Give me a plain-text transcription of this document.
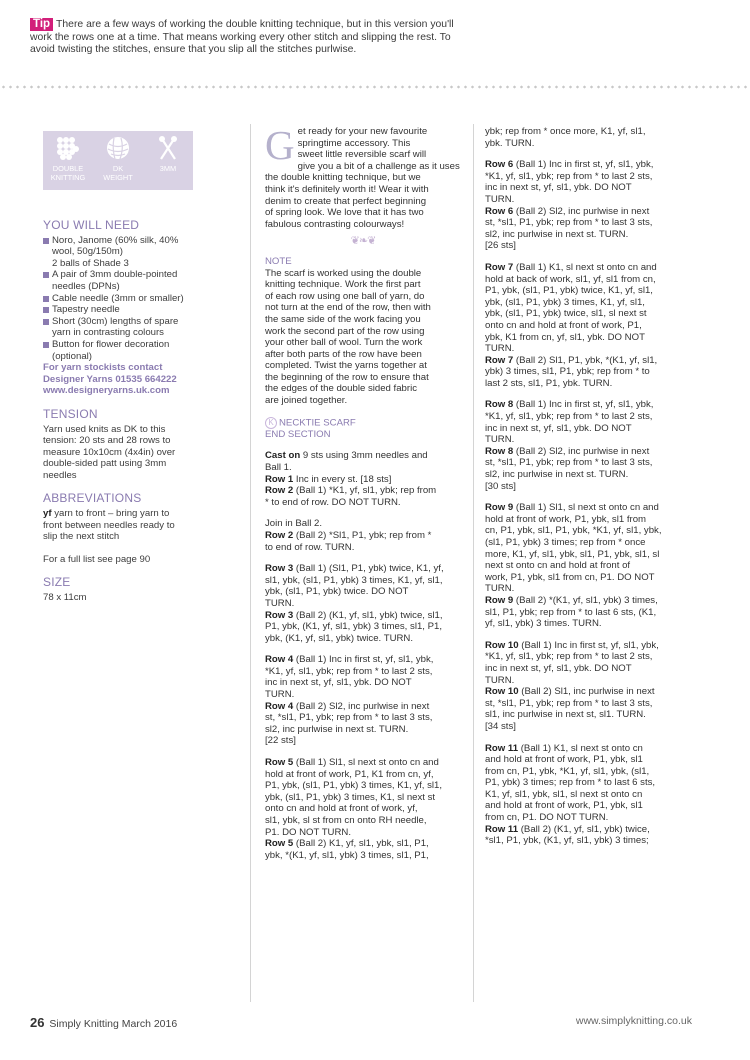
Tip There are a few ways of working the double knitting technique, but in this version you'll work the rows one at a time. That means working every other stitch and slipping the rest. To avoid twisting the stitches, ensure that you slip all the stitches purlwise.
DOUBLE
KNITTING
DK
WEIGHT
3MM
YOU WILL NEED
Noro, Janome (60% silk, 40%
wool, 50g/150m)
2 balls of Shade 3
A pair of 3mm double-pointed
needles (DPNs)
Cable needle (3mm or smaller)
Tapestry needle
Short (30cm) lengths of spare
yarn in contrasting colours
Button for flower decoration
(optional)
For yarn stockists contact
Designer Yarns 01535 664222
www.designeryarns.uk.com
TENSION
Yarn used knits as DK to this
tension: 20 sts and 28 rows to
measure 10x10cm (4x4in) over
double-sided patt using 3mm
needles
ABBREVIATIONS
yf yarn to front – bring yarn to
front between needles ready to
slip the next stitch
For a full list see page 90
SIZE
78 x 11cm
G et ready for your new favourite
springtime accessory. This
sweet little reversible scarf will
give you a bit of a challenge as it uses
the double knitting technique, but we
think it's definitely worth it! Wear it with
denim to create that perfect beginning
of spring look. We love that it has two
fabulous contrasting colourways!
❦❧❦
NOTE
The scarf is worked using the double
knitting technique. Work the first part
of each row using one ball of yarn, do
not turn at the end of the row, then with
the same side of the work facing you
work the second part of the row using
your other ball of wool. Turn the work
after both parts of the row have been
completed. Twist the yarns together at
the beginning of the row to ensure that
the edges of the double sided fabric
are joined together.
K NECKTIE SCARF
END SECTION
Cast on 9 sts using 3mm needles and
Ball 1.
Row 1 Inc in every st. [18 sts]
Row 2 (Ball 1) *K1, yf, sl1, ybk; rep from
* to end of row. DO NOT TURN.
Join in Ball 2.
Row 2 (Ball 2) *Sl1, P1, ybk; rep from *
to end of row. TURN.
Row 3 (Ball 1) (Sl1, P1, ybk) twice, K1, yf,
sl1, ybk, (sl1, P1, ybk) 3 times, K1, yf, sl1,
ybk, (sl1, P1, ybk) twice. DO NOT
TURN.
Row 3 (Ball 2) (K1, yf, sl1, ybk) twice, sl1,
P1, ybk, (K1, yf, sl1, ybk) 3 times, sl1, P1,
ybk, (K1, yf, sl1, ybk) twice. TURN.
Row 4 (Ball 1) Inc in first st, yf, sl1, ybk,
*K1, yf, sl1, ybk; rep from * to last 2 sts,
inc in next st, yf, sl1, ybk. DO NOT
TURN.
Row 4 (Ball 2) Sl2, inc purlwise in next
st, *sl1, P1, ybk; rep from * to last 3 sts,
sl2, inc purlwise in next st. TURN.
[22 sts]
Row 5 (Ball 1) Sl1, sl next st onto cn and
hold at front of work, P1, K1 from cn, yf,
P1, ybk, (sl1, P1, ybk) 3 times, K1, yf, sl1,
ybk, (sl1, P1, ybk) 3 times, K1, sl next st
onto cn and hold at front of work, yf,
sl1, ybk, sl st from cn onto RH needle,
P1. DO NOT TURN.
Row 5 (Ball 2) K1, yf, sl1, ybk, sl1, P1,
ybk, *(K1, yf, sl1, ybk) 3 times, sl1, P1,
ybk; rep from * once more, K1, yf, sl1,
ybk. TURN.
Row 6 (Ball 1) Inc in first st, yf, sl1, ybk,
*K1, yf, sl1, ybk; rep from * to last 2 sts,
inc in next st, yf, sl1, ybk. DO NOT
TURN.
Row 6 (Ball 2) Sl2, inc purlwise in next
st, *sl1, P1, ybk; rep from * to last 3 sts,
sl2, inc purlwise in next st. TURN.
[26 sts]
Row 7 (Ball 1) K1, sl next st onto cn and
hold at back of work, sl1, yf, sl1 from cn,
P1, ybk, (sl1, P1, ybk) twice, K1, yf, sl1,
ybk, (sl1, P1, ybk) 3 times, K1, yf, sl1,
ybk, (sl1, P1, ybk) twice, sl1, sl next st
onto cn and hold at front of work, P1,
ybk, K1 from cn, yf, sl1, ybk. DO NOT
TURN.
Row 7 (Ball 2) Sl1, P1, ybk, *(K1, yf, sl1,
ybk) 3 times, sl1, P1, ybk; rep from * to
last 2 sts, sl1, P1, ybk. TURN.
Row 8 (Ball 1) Inc in first st, yf, sl1, ybk,
*K1, yf, sl1, ybk; rep from * to last 2 sts,
inc in next st, yf, sl1, ybk. DO NOT
TURN.
Row 8 (Ball 2) Sl2, inc purlwise in next
st, *sl1, P1, ybk; rep from * to last 3 sts,
sl2, inc purlwise in next st. TURN.
[30 sts]
Row 9 (Ball 1) Sl1, sl next st onto cn and
hold at front of work, P1, ybk, sl1 from
cn, P1, ybk, sl1, P1, ybk, *K1, yf, sl1, ybk,
(sl1, P1, ybk) 3 times; rep from * once
more, K1, yf, sl1, ybk, sl1, P1, ybk, sl1, sl
next st onto cn and hold at front of
work, P1, ybk, sl1 from cn, P1. DO NOT
TURN.
Row 9 (Ball 2) *(K1, yf, sl1, ybk) 3 times,
sl1, P1, ybk; rep from * to last 6 sts, (K1,
yf, sl1, ybk) 3 times. TURN.
Row 10 (Ball 1) Inc in first st, yf, sl1, ybk,
*K1, yf, sl1, ybk; rep from * to last 2 sts,
inc in next st, yf, sl1, ybk. DO NOT
TURN.
Row 10 (Ball 2) Sl1, inc purlwise in next
st, *sl1, P1, ybk; rep from * to last 3 sts,
sl1, inc purlwise in next st, sl1. TURN.
[34 sts]
Row 11 (Ball 1) K1, sl next st onto cn
and hold at front of work, P1, ybk, sl1
from cn, P1, ybk, *K1, yf, sl1, ybk, (sl1,
P1, ybk) 3 times; rep from * to last 6 sts,
K1, yf, sl1, ybk, sl1, sl next st onto cn
and hold at front of work, P1, ybk, sl1
from cn, P1. DO NOT TURN.
Row 11 (Ball 2) (K1, yf, sl1, ybk) twice,
*sl1, P1, ybk, (K1, yf, sl1, ybk) 3 times;
26 Simply Knitting March 2016	www.simplyknitting.co.uk
